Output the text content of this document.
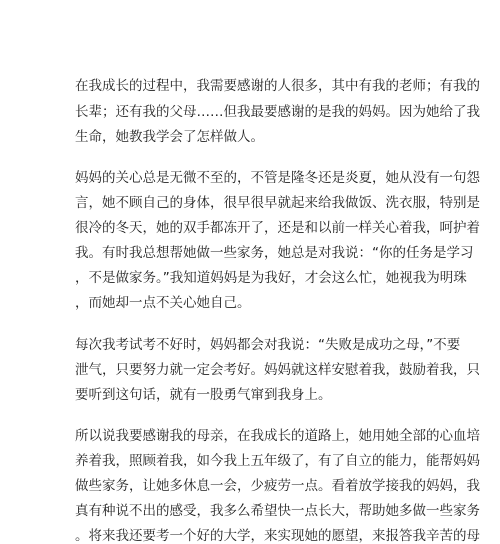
在我成长的过程中，我需要感谢的人很多，其中有我的老师；有我的
长辈；还有我的父母……但我最要感谢的是我的妈妈。因为她给了我
生命，她教我学会了怎样做人。
妈妈的关心总是无微不至的，不管是隆冬还是炎夏，她从没有一句怨
言，她不顾自己的身体，很早很早就起来给我做饭、洗衣服，特别是
很冷的冬天，她的双手都冻开了，还是和以前一样关心着我，呵护着
我。有时我总想帮她做一些家务，她总是对我说：“你的任务是学习
，不是做家务。”我知道妈妈是为我好，才会这么忙，她视我为明珠
，而她却一点不关心她自己。
每次我考试考不好时，妈妈都会对我说：“失败是成功之母，”不要
泄气，只要努力就一定会考好。妈妈就这样安慰着我，鼓励着我，只
要听到这句话，就有一股勇气窜到我身上。
所以说我要感谢我的母亲，在我成长的道路上，她用她全部的心血培
养着我，照顾着我，如今我上五年级了，有了自立的能力，能帮妈妈
做些家务，让她多休息一会，少疲劳一点。看着放学接我的妈妈，我
真有种说不出的感受，我多么希望快一点长大，帮助她多做一些家务
。将来我还要考一个好的大学，来实现她的愿望，来报答我辛苦的母
